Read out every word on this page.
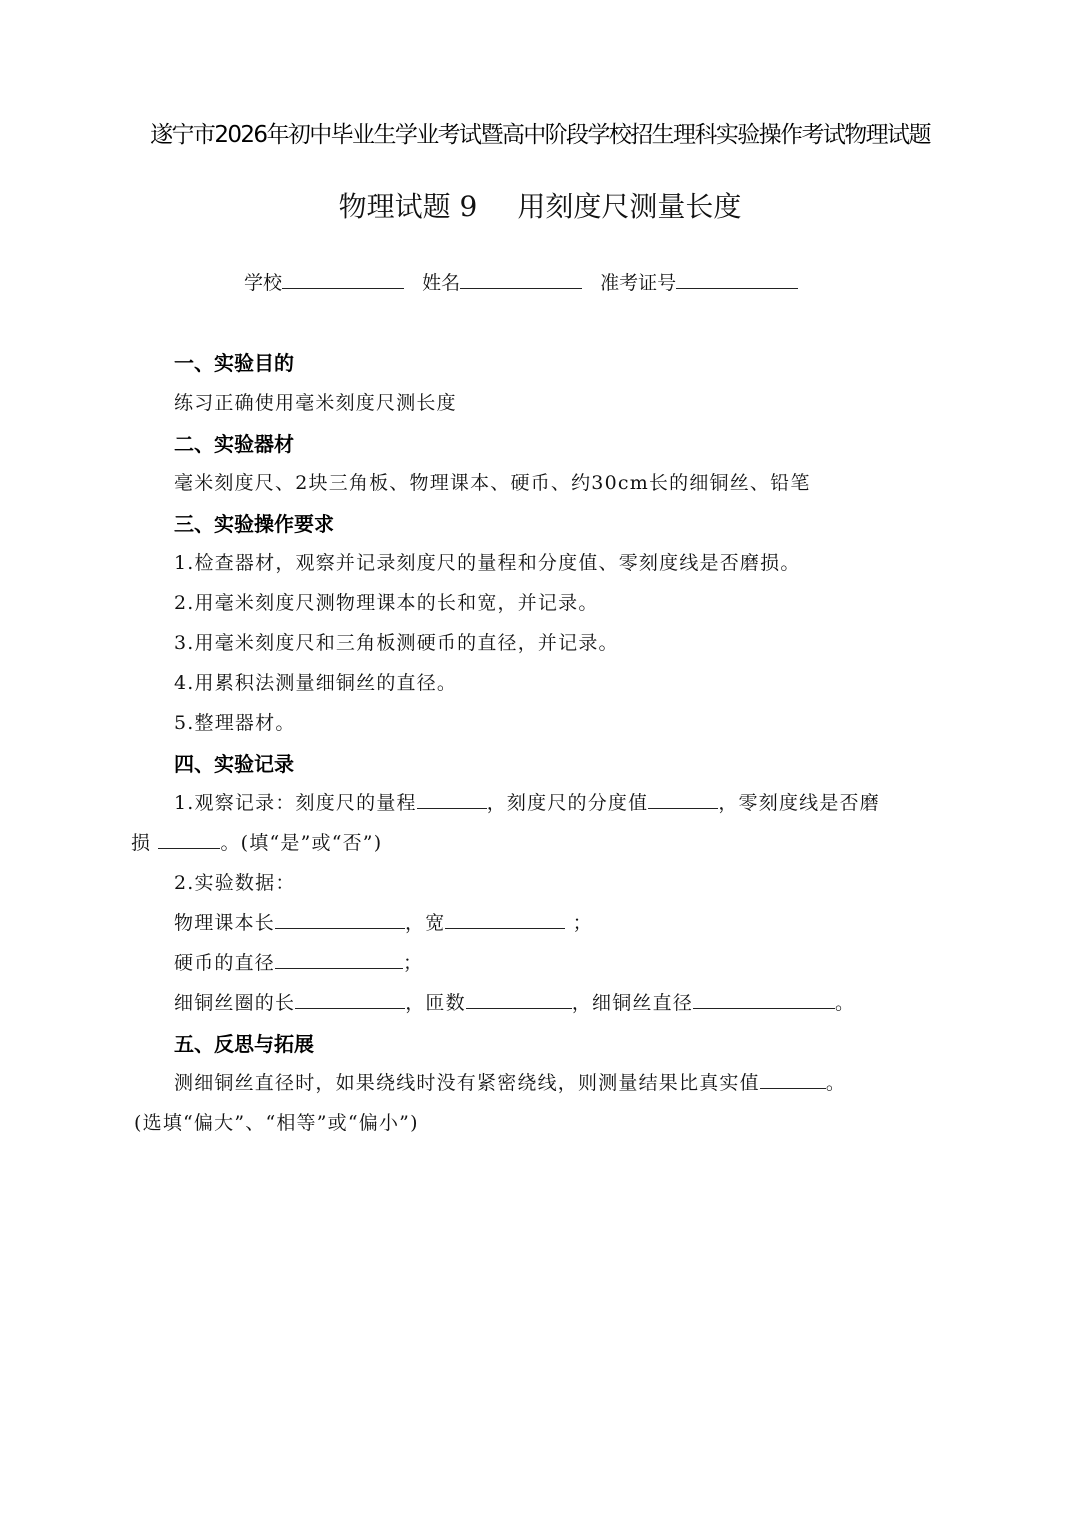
遂宁市2026年初中毕业生学业考试暨高中阶段学校招生理科实验操作考试物理试题
物理试题 9 用刻度尺测量长度
学校	姓名	准考证号
一、实验目的
练习正确使用毫米刻度尺测长度
二、实验器材
毫米刻度尺、2块三角板、物理课本、硬币、约30cm长的细铜丝、铅笔
三、实验操作要求
1.检查器材，观察并记录刻度尺的量程和分度值、零刻度线是否磨损。
2.用毫米刻度尺测物理课本的长和宽，并记录。
3.用毫米刻度尺和三角板测硬币的直径，并记录。
4.用累积法测量细铜丝的直径。
5.整理器材。
四、实验记录
1.观察记录：刻度尺的量程	，刻度尺的分度值	，零刻度线是否磨
损	。(填“是”或“否”)
2.实验数据：
物理课本长	，宽	；
硬币的直径	；
细铜丝圈的长	，匝数	，细铜丝直径	。
五、反思与拓展
测细铜丝直径时，如果绕线时没有紧密绕线，则测量结果比真实值	。
(选填“偏大”、“相等”或“偏小”)
